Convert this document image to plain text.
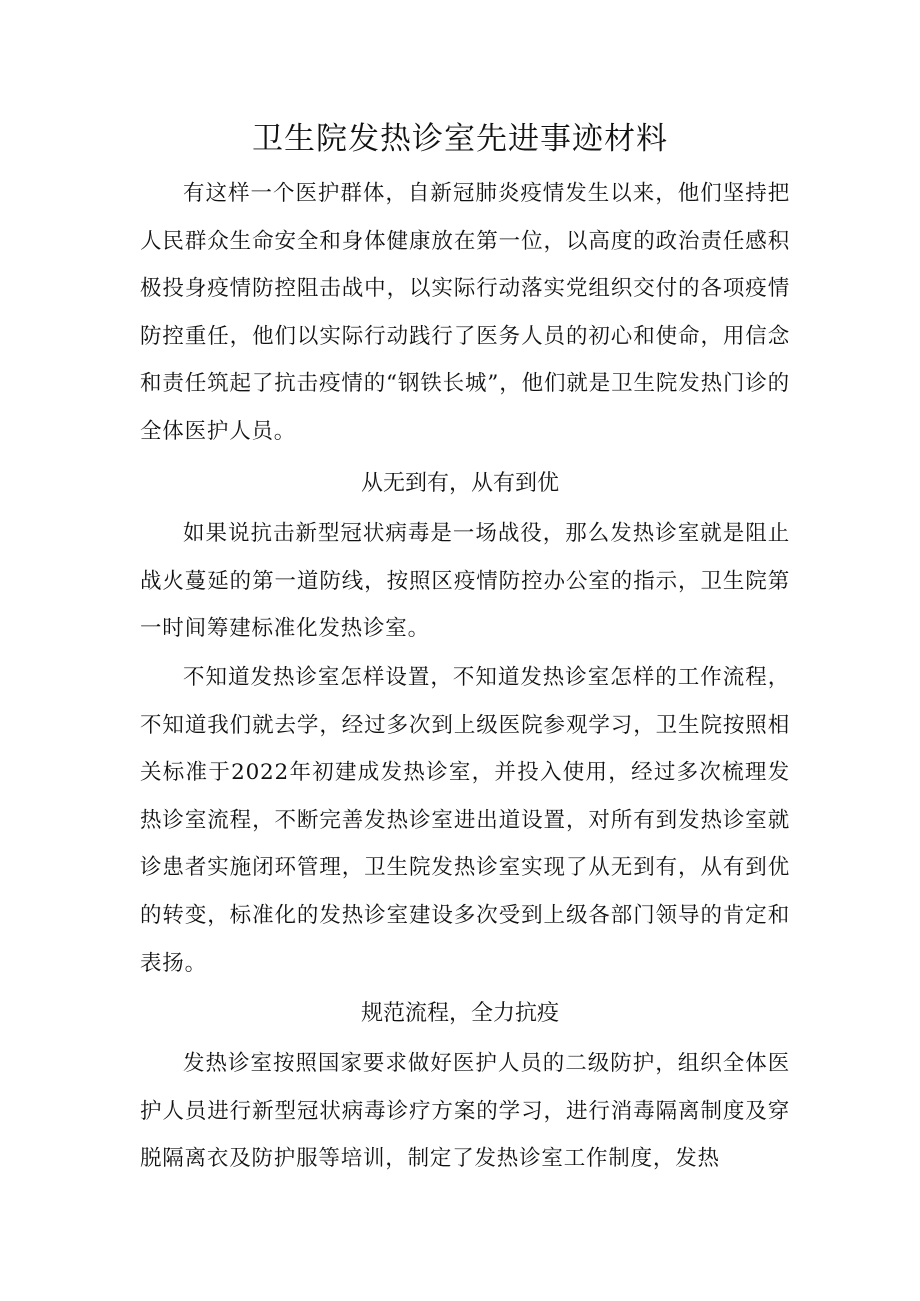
卫生院发热诊室先进事迹材料

有这样一个医护群体，自新冠肺炎疫情发生以来，他们坚持把人民群众生命安全和身体健康放在第一位，以高度的政治责任感积极投身疫情防控阻击战中，以实际行动落实党组织交付的各项疫情防控重任，他们以实际行动践行了医务人员的初心和使命，用信念和责任筑起了抗击疫情的“钢铁长城”，他们就是卫生院发热门诊的全体医护人员。

从无到有，从有到优

如果说抗击新型冠状病毒是一场战役，那么发热诊室就是阻止战火蔓延的第一道防线，按照区疫情防控办公室的指示，卫生院第一时间筹建标准化发热诊室。

不知道发热诊室怎样设置，不知道发热诊室怎样的工作流程，不知道我们就去学，经过多次到上级医院参观学习，卫生院按照相关标准于2022年初建成发热诊室，并投入使用，经过多次梳理发热诊室流程，不断完善发热诊室进出道设置，对所有到发热诊室就诊患者实施闭环管理，卫生院发热诊室实现了从无到有，从有到优的转变，标准化的发热诊室建设多次受到上级各部门领导的肯定和表扬。

规范流程，全力抗疫

发热诊室按照国家要求做好医护人员的二级防护，组织全体医护人员进行新型冠状病毒诊疗方案的学习，进行消毒隔离制度及穿脱隔离衣及防护服等培训，制定了发热诊室工作制度，发热
